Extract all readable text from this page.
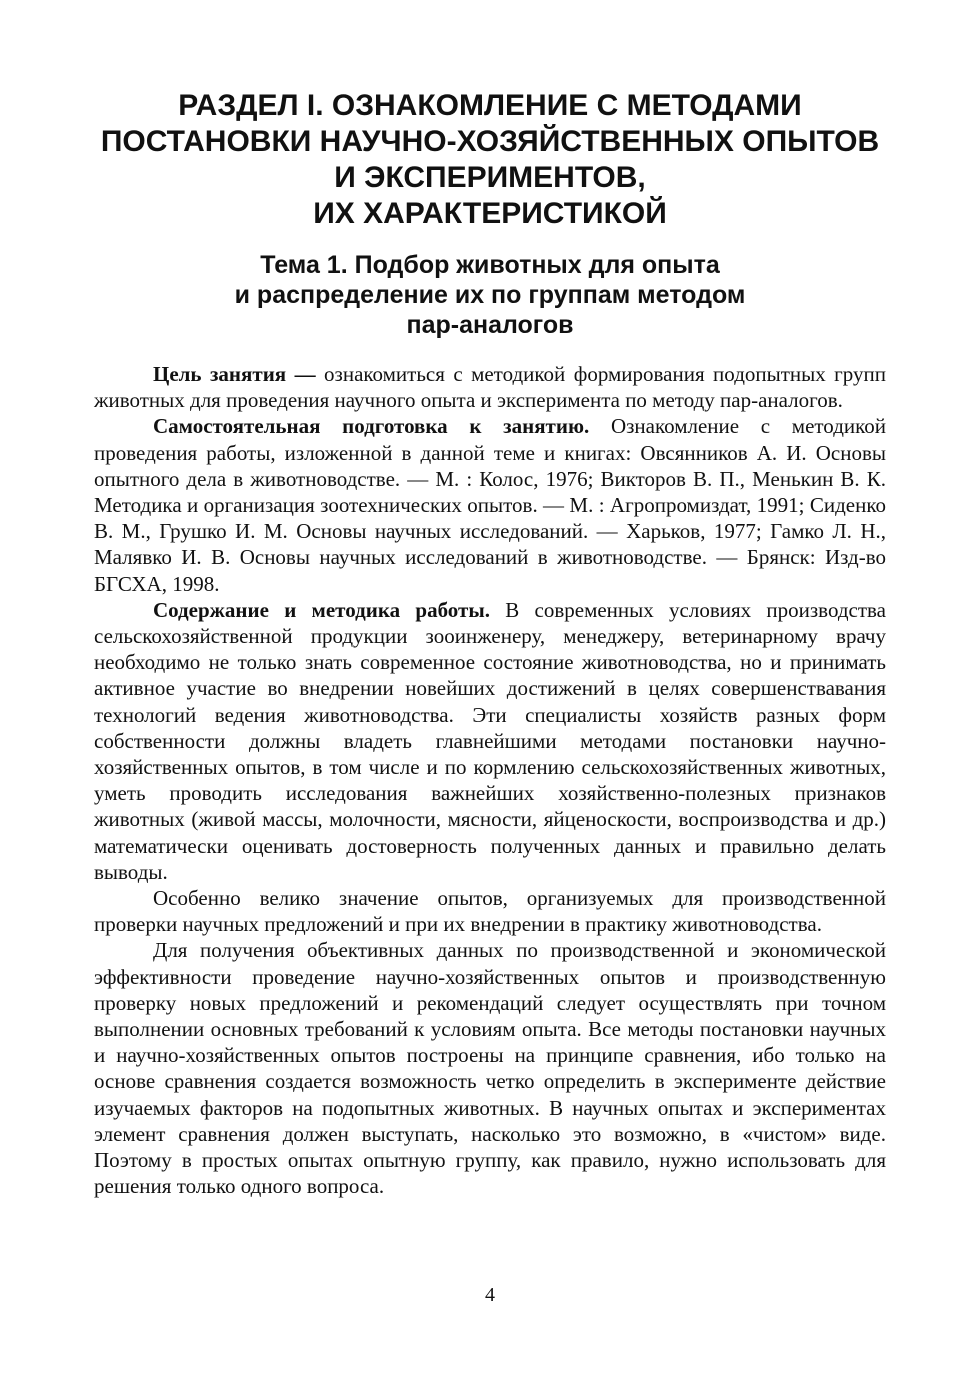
РАЗДЕЛ I. ОЗНАКОМЛЕНИЕ С МЕТОДАМИ
ПОСТАНОВКИ НАУЧНО-ХОЗЯЙСТВЕННЫХ ОПЫТОВ
И ЭКСПЕРИМЕНТОВ,
ИХ ХАРАКТЕРИСТИКОЙ
Тема 1. Подбор животных для опыта
и распределение их по группам методом
пар-аналогов

Цель занятия — ознакомиться с методикой формирования подопытных групп животных для проведения научного опыта и эксперимента по методу пар-аналогов.

Самостоятельная подготовка к занятию. Ознакомление с методикой проведения работы, изложенной в данной теме и книгах: Овсянников А. И. Основы опытного дела в животноводстве. — М. : Колос, 1976; Викторов В. П., Менькин В. К. Методика и организация зоотехнических опытов. — М. : Агропромиздат, 1991; Сиденко В. М., Грушко И. М. Основы научных исследований. — Харьков, 1977; Гамко Л. Н., Малявко И. В. Основы научных исследований в животноводстве. — Брянск: Изд-во БГСХА, 1998.

Содержание и методика работы. В современных условиях производства сельскохозяйственной продукции зооинженеру, менеджеру, ветеринарному врачу необходимо не только знать современное состояние животноводства, но и принимать активное участие во внедрении новейших достижений в целях совершенствавания технологий ведения животноводства. Эти специалисты хозяйств разных форм собственности должны владеть главнейшими методами постановки научно-хозяйственных опытов, в том числе и по кормлению сельскохозяйственных животных, уметь проводить исследования важнейших хозяйственно-полезных признаков животных (живой массы, молочности, мясности, яйценоскости, воспроизводства и др.) математически оценивать достоверность полученных данных и правильно делать выводы.

Особенно велико значение опытов, организуемых для производственной проверки научных предложений и при их внедрении в практику животноводства.

Для получения объективных данных по производственной и экономической эффективности проведение научно-хозяйственных опытов и производственную проверку новых предложений и рекомендаций следует осуществлять при точном выполнении основных требований к условиям опыта. Все методы постановки научных и научно-хозяйственных опытов построены на принципе сравнения, ибо только на основе сравнения создается возможность четко определить в эксперименте действие изучаемых факторов на подопытных животных. В научных опытах и экспериментах элемент сравнения должен выступать, насколько это возможно, в «чистом» виде. Поэтому в простых опытах опытную группу, как правило, нужно использовать для решения только одного вопроса.

4
